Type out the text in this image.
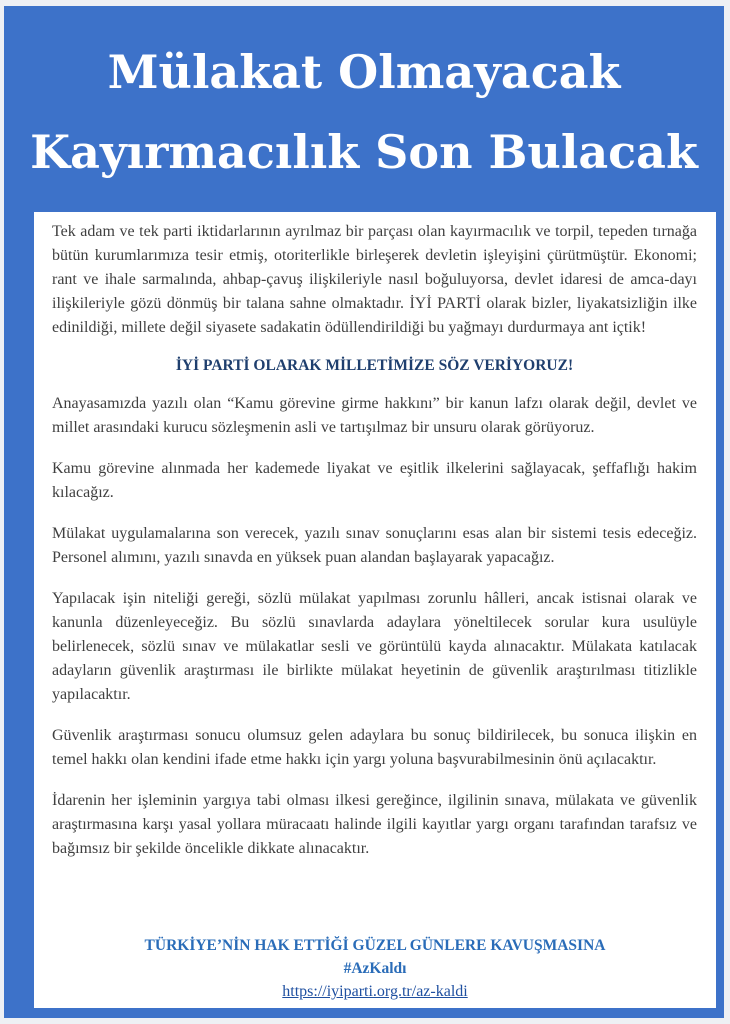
Mülakat Olmayacak
Kayırmacılık Son Bulacak

Tek adam ve tek parti iktidarlarının ayrılmaz bir parçası olan kayırmacılık ve torpil, tepeden tırnağa bütün kurumlarımıza tesir etmiş, otoriterlikle birleşerek devletin işleyişini çürütmüştür. Ekonomi; rant ve ihale sarmalında, ahbap-çavuş ilişkileriyle nasıl boğuluyorsa, devlet idaresi de amca-dayı ilişkileriyle gözü dönmüş bir talana sahne olmaktadır. İYİ PARTİ olarak bizler, liyakatsizliğin ilke edinildiği, millete değil siyasete sadakatin ödüllendirildiği bu yağmayı durdurmaya ant içtik!

İYİ PARTİ OLARAK MİLLETİMİZE SÖZ VERİYORUZ!

Anayasamızda yazılı olan “Kamu görevine girme hakkını” bir kanun lafzı olarak değil, devlet ve millet arasındaki kurucu sözleşmenin asli ve tartışılmaz bir unsuru olarak görüyoruz.

Kamu görevine alınmada her kademede liyakat ve eşitlik ilkelerini sağlayacak, şeffaflığı hakim kılacağız.

Mülakat uygulamalarına son verecek, yazılı sınav sonuçlarını esas alan bir sistemi tesis edeceğiz. Personel alımını, yazılı sınavda en yüksek puan alandan başlayarak yapacağız.

Yapılacak işin niteliği gereği, sözlü mülakat yapılması zorunlu hâlleri, ancak istisnai olarak ve kanunla düzenleyeceğiz. Bu sözlü sınavlarda adaylara yöneltilecek sorular kura usulüyle belirlenecek, sözlü sınav ve mülakatlar sesli ve görüntülü kayda alınacaktır. Mülakata katılacak adayların güvenlik araştırması ile birlikte mülakat heyetinin de güvenlik araştırılması titizlikle yapılacaktır.

Güvenlik araştırması sonucu olumsuz gelen adaylara bu sonuç bildirilecek, bu sonuca ilişkin en temel hakkı olan kendini ifade etme hakkı için yargı yoluna başvurabilmesinin önü açılacaktır.

İdarenin her işleminin yargıya tabi olması ilkesi gereğince, ilgilinin sınava, mülakata ve güvenlik araştırmasına karşı yasal yollara müracaatı halinde ilgili kayıtlar yargı organı tarafından tarafsız ve bağımsız bir şekilde öncelikle dikkate alınacaktır.

TÜRKİYE’NİN HAK ETTİĞİ GÜZEL GÜNLERE KAVUŞMASINA
#AzKaldı
https://iyiparti.org.tr/az-kaldi
